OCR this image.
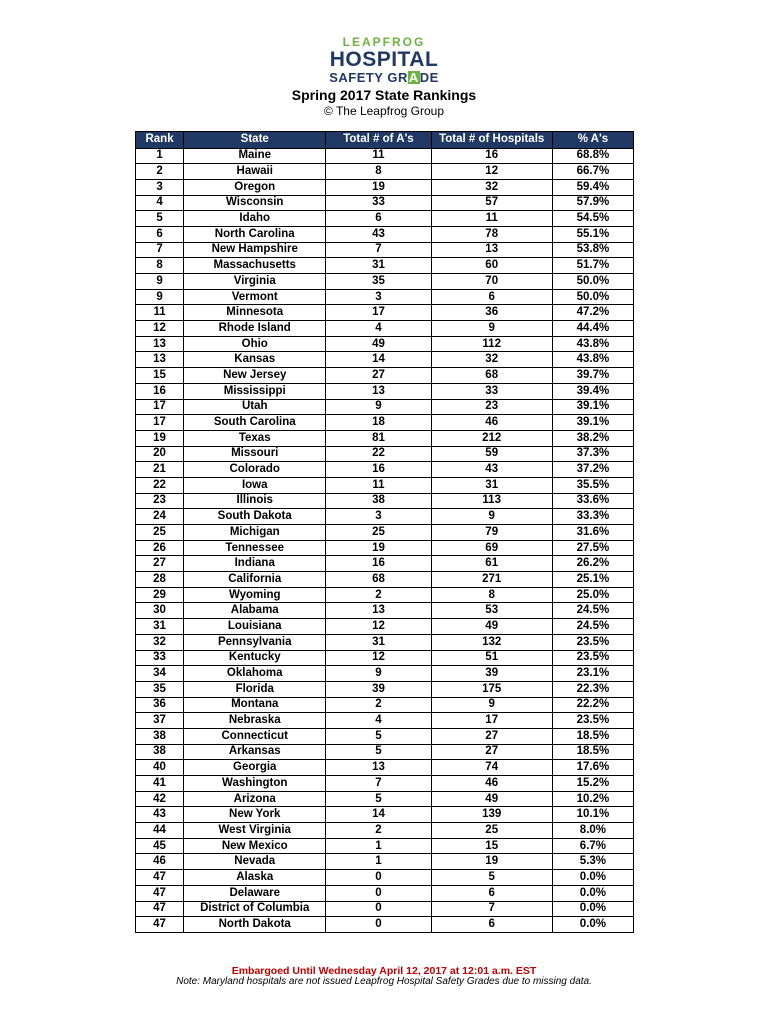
LEAPFROG
HOSPITAL
SAFETY GRADE
Spring 2017 State Rankings
© The Leapfrog Group
Rank	State	Total # of A's	Total # of Hospitals	% A's
1	Maine	11	16	68.8%
2	Hawaii	8	12	66.7%
3	Oregon	19	32	59.4%
4	Wisconsin	33	57	57.9%
5	Idaho	6	11	54.5%
6	North Carolina	43	78	55.1%
7	New Hampshire	7	13	53.8%
8	Massachusetts	31	60	51.7%
9	Virginia	35	70	50.0%
9	Vermont	3	6	50.0%
11	Minnesota	17	36	47.2%
12	Rhode Island	4	9	44.4%
13	Ohio	49	112	43.8%
13	Kansas	14	32	43.8%
15	New Jersey	27	68	39.7%
16	Mississippi	13	33	39.4%
17	Utah	9	23	39.1%
17	South Carolina	18	46	39.1%
19	Texas	81	212	38.2%
20	Missouri	22	59	37.3%
21	Colorado	16	43	37.2%
22	Iowa	11	31	35.5%
23	Illinois	38	113	33.6%
24	South Dakota	3	9	33.3%
25	Michigan	25	79	31.6%
26	Tennessee	19	69	27.5%
27	Indiana	16	61	26.2%
28	California	68	271	25.1%
29	Wyoming	2	8	25.0%
30	Alabama	13	53	24.5%
31	Louisiana	12	49	24.5%
32	Pennsylvania	31	132	23.5%
33	Kentucky	12	51	23.5%
34	Oklahoma	9	39	23.1%
35	Florida	39	175	22.3%
36	Montana	2	9	22.2%
37	Nebraska	4	17	23.5%
38	Connecticut	5	27	18.5%
38	Arkansas	5	27	18.5%
40	Georgia	13	74	17.6%
41	Washington	7	46	15.2%
42	Arizona	5	49	10.2%
43	New York	14	139	10.1%
44	West Virginia	2	25	8.0%
45	New Mexico	1	15	6.7%
46	Nevada	1	19	5.3%
47	Alaska	0	5	0.0%
47	Delaware	0	6	0.0%
47	District of Columbia	0	7	0.0%
47	North Dakota	0	6	0.0%
Embargoed Until Wednesday April 12, 2017 at 12:01 a.m. EST
Note: Maryland hospitals are not issued Leapfrog Hospital Safety Grades due to missing data.
